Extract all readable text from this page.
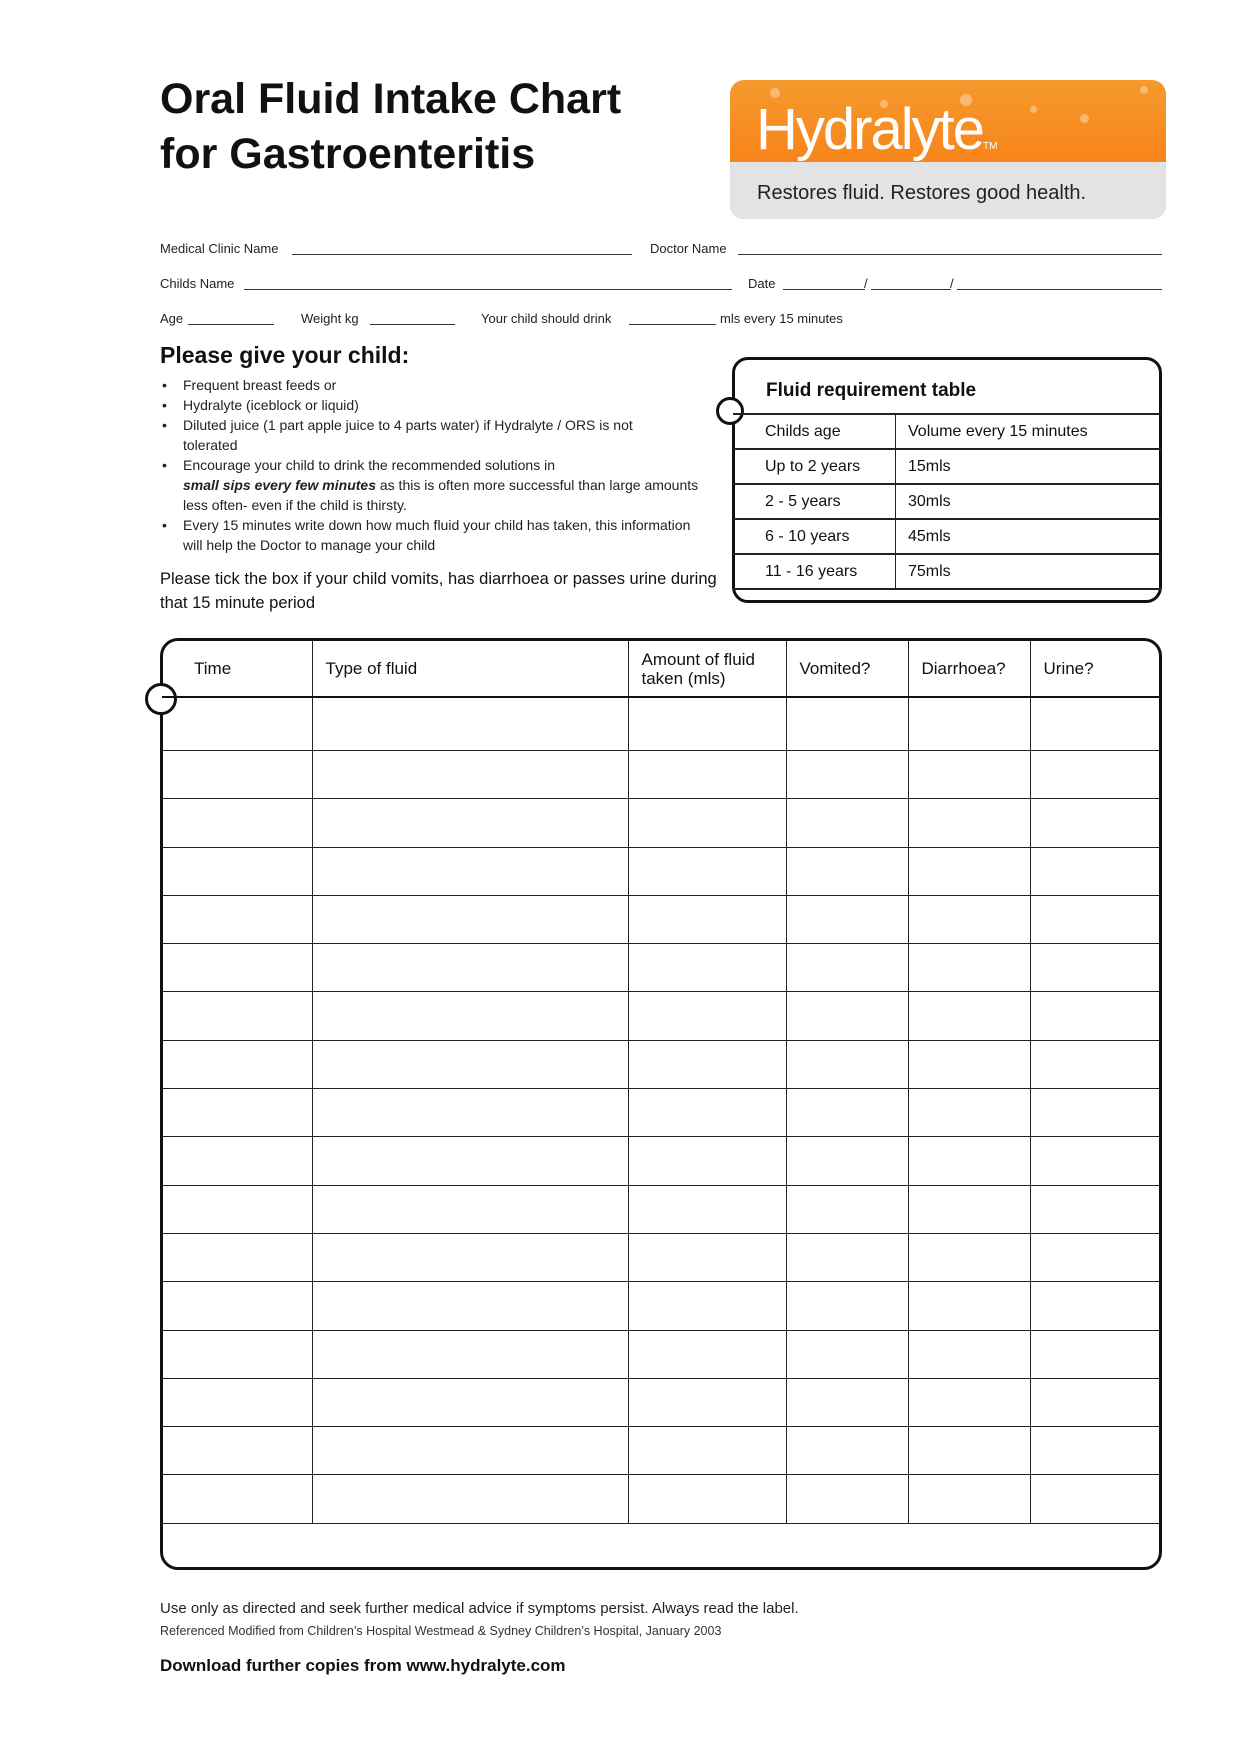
Oral Fluid Intake Chart
for Gastroenteritis	HydralyteTM
Restores fluid. Restores good health.
Medical Clinic Name	Doctor Name
Childs Name	Date	/	/
Age	Weight kg	Your child should drink	mls every 15 minutes
Please give your child:
• Frequent breast feeds or
• Hydralyte (iceblock or liquid)
• Diluted juice (1 part apple juice to 4 parts water) if Hydralyte / ORS is not tolerated
• Encourage your child to drink the recommended solutions in
small sips every few minutes as this is often more successful than large amounts less often- even if the child is thirsty.
• Every 15 minutes write down how much fluid your child has taken, this information will help the Doctor to manage your child
Please tick the box if your child vomits, has diarrhoea or passes urine during that 15 minute period
Fluid requirement table
Childs age	Volume every 15 minutes
Up to 2 years	15mls
2 - 5 years	30mls
6 - 10 years	45mls
11 - 16 years	75mls
Time	Type of fluid	Amount of fluid taken (mls)	Vomited?	Diarrhoea?	Urine?

Use only as directed and seek further medical advice if symptoms persist. Always read the label.
Referenced Modified from Children’s Hospital Westmead & Sydney Children’s Hospital, January 2003
Download further copies from www.hydralyte.com
